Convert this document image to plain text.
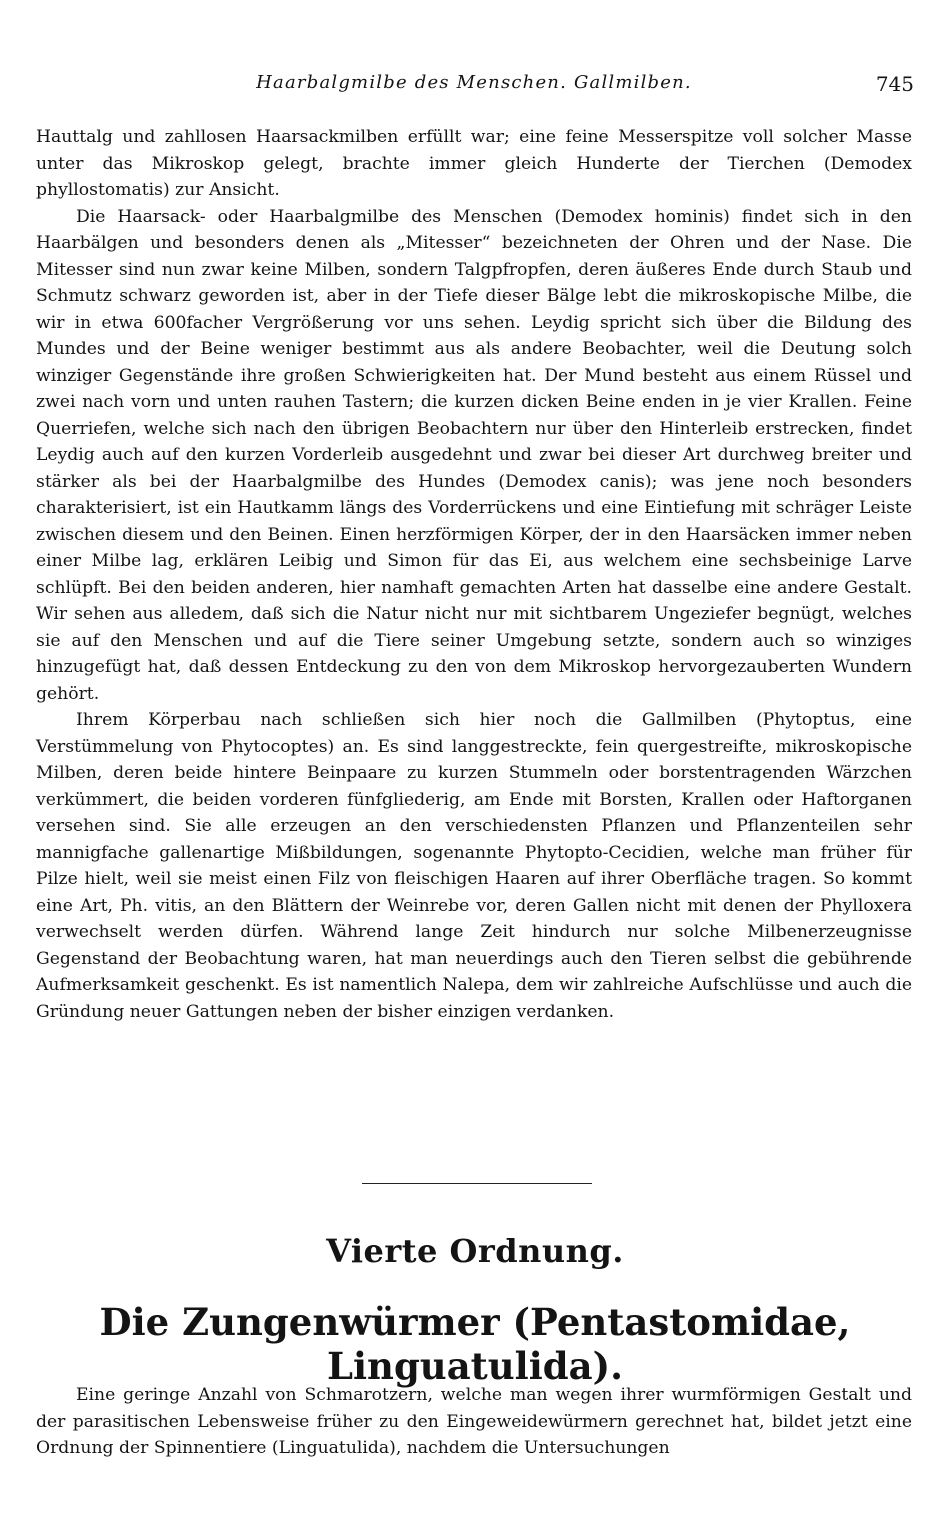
Haarbalgmilbe des Menschen. Gallmilben.	745

Hauttalg und zahllosen Haarsackmilben erfüllt war; eine feine Messerspitze voll solcher Masse unter das Mikroskop gelegt, brachte immer gleich Hunderte der Tierchen (Demodex phyllostomatis) zur Ansicht.

Die Haarsack- oder Haarbalgmilbe des Menschen (Demodex hominis) findet sich in den Haarbälgen und besonders denen als „Mitesser“ bezeichneten der Ohren und der Nase. Die Mitesser sind nun zwar keine Milben, sondern Talgpfropfen, deren äußeres Ende durch Staub und Schmutz schwarz geworden ist, aber in der Tiefe dieser Bälge lebt die mikroskopische Milbe, die wir in etwa 600facher Vergrößerung vor uns sehen. Leydig spricht sich über die Bildung des Mundes und der Beine weniger bestimmt aus als andere Beobachter, weil die Deutung solch winziger Gegenstände ihre großen Schwierigkeiten hat. Der Mund besteht aus einem Rüssel und zwei nach vorn und unten rauhen Tastern; die kurzen dicken Beine enden in je vier Krallen. Feine Querriefen, welche sich nach den übrigen Beobachtern nur über den Hinterleib erstrecken, findet Leydig auch auf den kurzen Vorderleib ausgedehnt und zwar bei dieser Art durchweg breiter und stärker als bei der Haarbalgmilbe des Hundes (Demodex canis); was jene noch besonders charakterisiert, ist ein Hautkamm längs des Vorderrückens und eine Eintiefung mit schräger Leiste zwischen diesem und den Beinen. Einen herzförmigen Körper, der in den Haarsäcken immer neben einer Milbe lag, erklären Leibig und Simon für das Ei, aus welchem eine sechsbeinige Larve schlüpft. Bei den beiden anderen, hier namhaft gemachten Arten hat dasselbe eine andere Gestalt. Wir sehen aus alledem, daß sich die Natur nicht nur mit sichtbarem Ungeziefer begnügt, welches sie auf den Menschen und auf die Tiere seiner Umgebung setzte, sondern auch so winziges hinzugefügt hat, daß dessen Entdeckung zu den von dem Mikroskop hervorgezauberten Wundern gehört.

Ihrem Körperbau nach schließen sich hier noch die Gallmilben (Phytoptus, eine Verstümmelung von Phytocoptes) an. Es sind langgestreckte, fein quergestreifte, mikroskopische Milben, deren beide hintere Beinpaare zu kurzen Stummeln oder borstentragenden Wärzchen verkümmert, die beiden vorderen fünfgliederig, am Ende mit Borsten, Krallen oder Haftorganen versehen sind. Sie alle erzeugen an den verschiedensten Pflanzen und Pflanzenteilen sehr mannigfache gallenartige Mißbildungen, sogenannte Phytopto-Cecidien, welche man früher für Pilze hielt, weil sie meist einen Filz von fleischigen Haaren auf ihrer Oberfläche tragen. So kommt eine Art, Ph. vitis, an den Blättern der Weinrebe vor, deren Gallen nicht mit denen der Phylloxera verwechselt werden dürfen. Während lange Zeit hindurch nur solche Milbenerzeugnisse Gegenstand der Beobachtung waren, hat man neuerdings auch den Tieren selbst die gebührende Aufmerksamkeit geschenkt. Es ist namentlich Nalepa, dem wir zahlreiche Aufschlüsse und auch die Gründung neuer Gattungen neben der bisher einzigen verdanken.

Vierte Ordnung.
Die Zungenwürmer (Pentastomidae, Linguatulida).

Eine geringe Anzahl von Schmarotzern, welche man wegen ihrer wurmförmigen Gestalt und der parasitischen Lebensweise früher zu den Eingeweidewürmern gerechnet hat, bildet jetzt eine Ordnung der Spinnentiere (Linguatulida), nachdem die Untersuchungen
